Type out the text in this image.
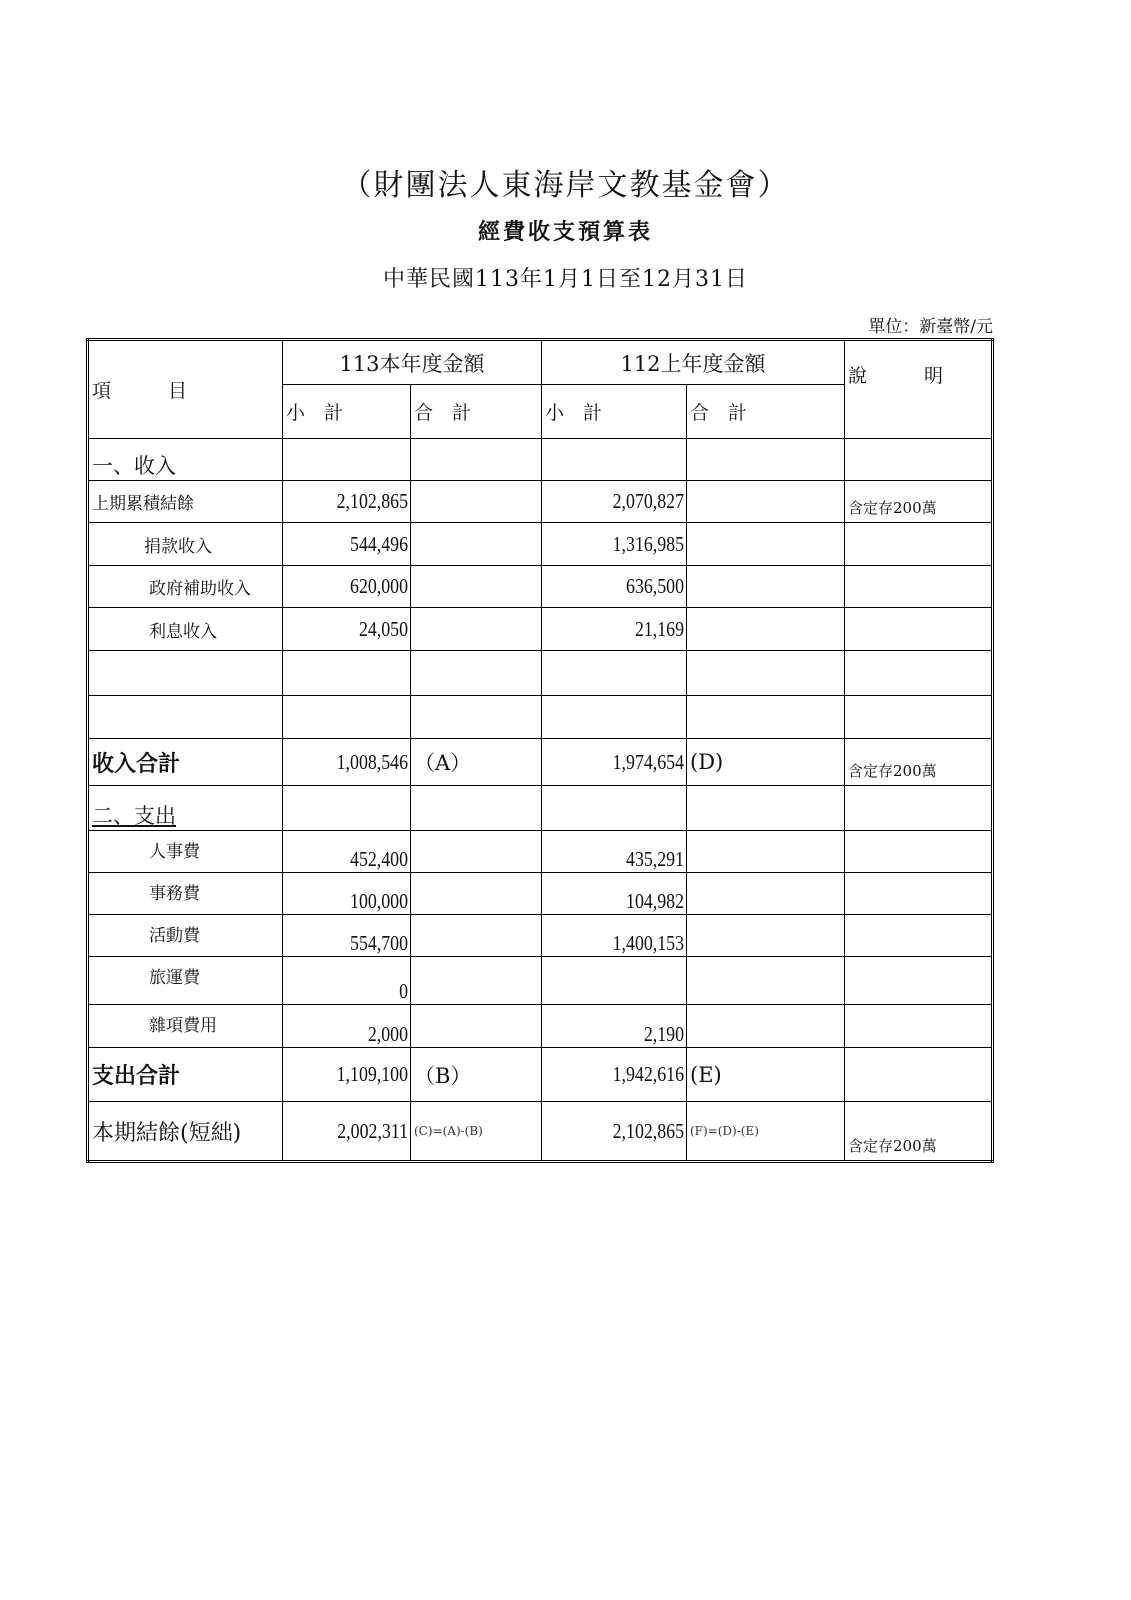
（財團法人東海岸文教基金會）
經費收支預算表
中華民國113年1月1日至12月31日
單位：新臺幣/元
項　　　目	113本年度金額		112上年度金額		說　　　明
	小　計	合　計	小　計	合　計	
一、收入					
上期累積結餘	2,102,865		2,070,827		含定存200萬
捐款收入	544,496		1,316,985		
政府補助收入	620,000		636,500		
利息收入	24,050		21,169		

收入合計	1,008,546	（A）	1,974,654	(D)	含定存200萬
二、支出					
人事費	452,400		435,291		
事務費	100,000		104,982		
活動費	554,700		1,400,153		
旅運費	0				
雜項費用	2,000		2,190		
支出合計	1,109,100	（B）	1,942,616	(E)	
本期結餘(短絀)	2,002,311	(C)=(A)-(B)	2,102,865	(F)=(D)-(E)	含定存200萬
